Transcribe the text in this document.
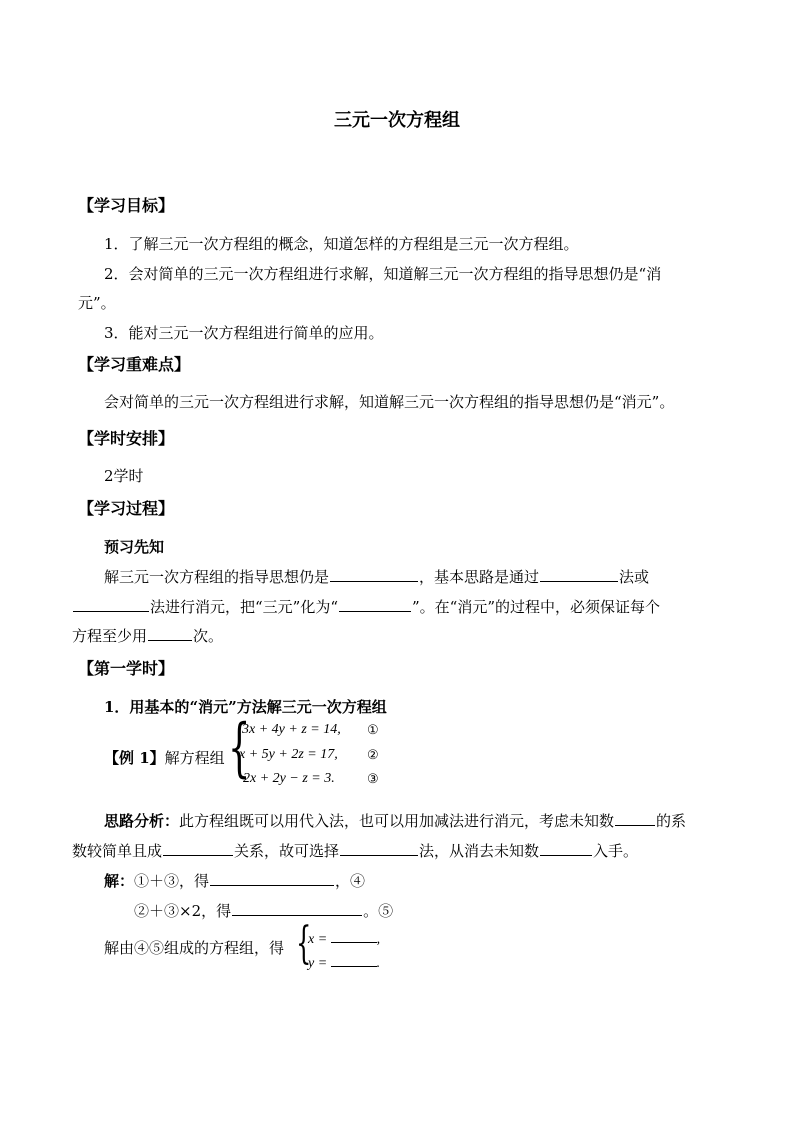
三元一次方程组
【学习目标】
1．了解三元一次方程组的概念，知道怎样的方程组是三元一次方程组。
2．会对简单的三元一次方程组进行求解，知道解三元一次方程组的指导思想仍是“消
元”。
3．能对三元一次方程组进行简单的应用。
【学习重难点】
会对简单的三元一次方程组进行求解，知道解三元一次方程组的指导思想仍是“消元”。
【学时安排】
2学时
【学习过程】
预习先知
解三元一次方程组的指导思想仍是	，基本思路是通过	法或
法进行消元，把“三元”化为“	”。在“消元”的过程中，必须保证每个
方程至少用	次。
【第一学时】
1．用基本的“消元”方法解三元一次方程组
【例 1】解方程组 {
3x + 4y + z = 14,
x + 5y + 2z = 17,
2x + 2y − z = 3.
①
②
③
思路分析：此方程组既可以用代入法，也可以用加减法进行消元，考虑未知数	的系
数较简单且成	关系，故可选择	法，从消去未知数	入手。
解：①＋③，得	，④
②＋③×2，得	。⑤
解由④⑤组成的方程组，得 {
x =	,
y =	.
